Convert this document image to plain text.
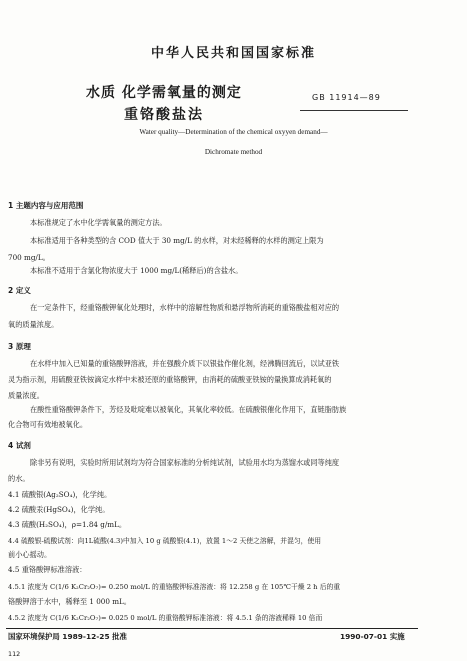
中华人民共和国国家标准
水质 化学需氧量的测定
重铬酸盐法
GB 11914—89
Water quality—Determination of the chemical oxyyen demand—
Dichromate method
1 主题内容与应用范围
本标准规定了水中化学需氧量的测定方法。
本标准适用于各种类型的含 COD 值大于 30 mg/L 的水样，对未经稀释的水样的测定上限为
700 mg/L。
本标准不适用于含氯化物浓度大于 1000 mg/L(稀释后)的含盐水。
2 定义
在一定条件下，经重铬酸钾氧化处理时，水样中的溶解性物质和悬浮物所消耗的重铬酸盐相对应的
氧的质量浓度。
3 原理
在水样中加入已知量的重铬酸钾溶液，并在强酸介质下以银盐作催化剂，经沸腾回流后，以试亚铁
灵为指示剂，用硫酸亚铁铵滴定水样中未被还原的重铬酸钾，由消耗的硫酸亚铁铵的量换算成消耗氧的
质量浓度。
在酸性重铬酸钾条件下，芳烃及吡啶难以被氧化，其氧化率较低。在硫酸银催化作用下，直链脂肪族
化合物可有效地被氧化。
4 试剂
除非另有说明，实验时所用试剂均为符合国家标准的分析纯试剂，试验用水均为蒸馏水或同等纯度
的水。
4.1 硫酸银(Ag₂SO₄)，化学纯。
4.2 硫酸汞(HgSO₄)，化学纯。
4.3 硫酸(H₂SO₄)，ρ=1.84 g/mL。
4.4 硫酸银-硫酸试剂：向1L硫酸(4.3)中加入 10 g 硫酸银(4.1)，放置 1～2 天使之溶解，并混匀，使用
前小心摇动。
4.5 重铬酸钾标准溶液：
4.5.1 浓度为 C(1/6 K₂Cr₂O₇)= 0.250 mol/L 的重铬酸钾标准溶液：将 12.258 g 在 105℃干燥 2 h 后的重
铬酸钾溶于水中，稀释至 1 000 mL。
4.5.2 浓度为 C(1/6 K₂Cr₂O₇)= 0.025 0 mol/L 的重铬酸钾标准溶液：将 4.5.1 条的溶液稀释 10 倍而
国家环境保护局 1989-12-25 批准	1990-07-01 实施
112
